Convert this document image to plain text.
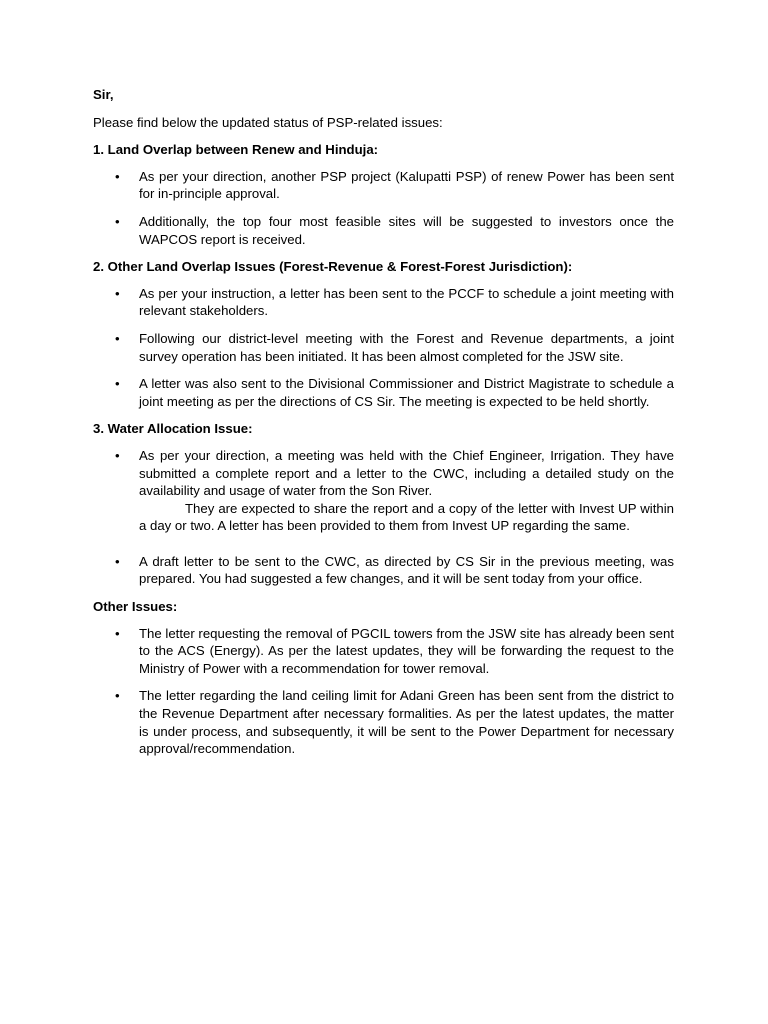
Sir,

Please find below the updated status of PSP-related issues:

1. Land Overlap between Renew and Hinduja:

•	As per your direction, another PSP project (Kalupatti PSP) of renew Power has been sent for in-principle approval.
•	Additionally, the top four most feasible sites will be suggested to investors once the WAPCOS report is received.

2. Other Land Overlap Issues (Forest-Revenue & Forest-Forest Jurisdiction):

•	As per your instruction, a letter has been sent to the PCCF to schedule a joint meeting with relevant stakeholders.
•	Following our district-level meeting with the Forest and Revenue departments, a joint survey operation has been initiated. It has been almost completed for the JSW site.
•	A letter was also sent to the Divisional Commissioner and District Magistrate to schedule a joint meeting as per the directions of CS Sir. The meeting is expected to be held shortly.

3. Water Allocation Issue:

•	As per your direction, a meeting was held with the Chief Engineer, Irrigation. They have submitted a complete report and a letter to the CWC, including a detailed study on the availability and usage of water from the Son River.
They are expected to share the report and a copy of the letter with Invest UP within a day or two. A letter has been provided to them from Invest UP regarding the same.
•	A draft letter to be sent to the CWC, as directed by CS Sir in the previous meeting, was prepared. You had suggested a few changes, and it will be sent today from your office.

Other Issues:

•	The letter requesting the removal of PGCIL towers from the JSW site has already been sent to the ACS (Energy). As per the latest updates, they will be forwarding the request to the Ministry of Power with a recommendation for tower removal.
•	The letter regarding the land ceiling limit for Adani Green has been sent from the district to the Revenue Department after necessary formalities. As per the latest updates, the matter is under process, and subsequently, it will be sent to the Power Department for necessary approval/recommendation.
